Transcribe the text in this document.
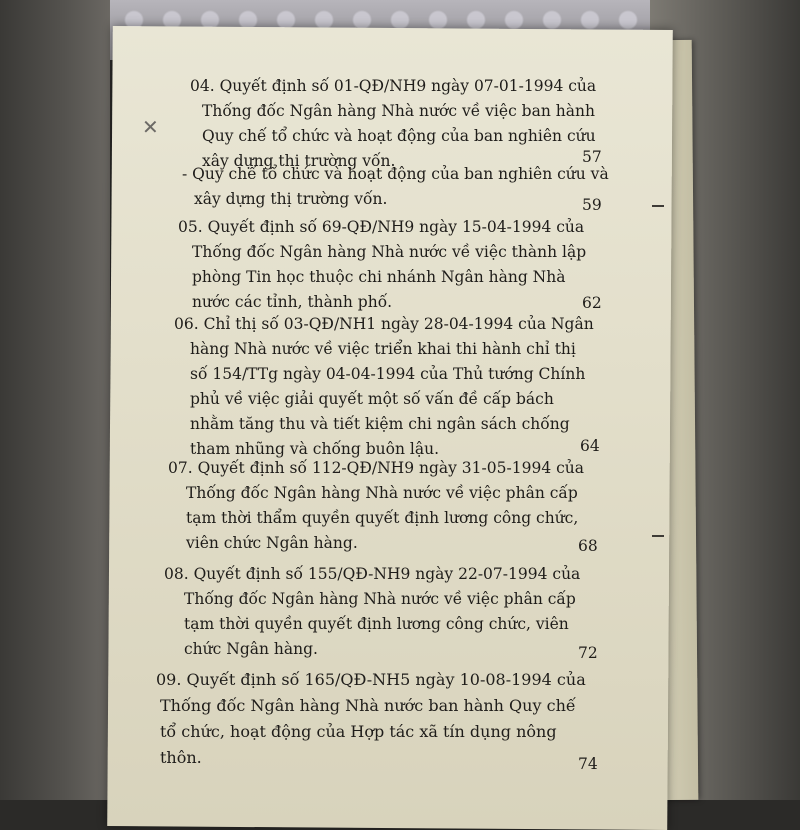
✕
04. Quyết định số 01-QĐ/NH9 ngày 07-01-1994 của
Thống đốc Ngân hàng Nhà nước về việc ban hành
Quy chế tổ chức và hoạt động của ban nghiên cứu
xây dựng thị trường vốn.	57
- Quy chế tổ chức và hoạt động của ban nghiên cứu và
xây dựng thị trường vốn.	59
05. Quyết định số 69-QĐ/NH9 ngày 15-04-1994 của
Thống đốc Ngân hàng Nhà nước về việc thành lập
phòng Tin học thuộc chi nhánh Ngân hàng Nhà
nước các tỉnh, thành phố.	62
06. Chỉ thị số 03-QĐ/NH1 ngày 28-04-1994 của Ngân
hàng Nhà nước về việc triển khai thi hành chỉ thị
số 154/TTg ngày 04-04-1994 của Thủ tướng Chính
phủ về việc giải quyết một số vấn đề cấp bách
nhằm tăng thu và tiết kiệm chi ngân sách chống
tham nhũng và chống buôn lậu.	64
07. Quyết định số 112-QĐ/NH9 ngày 31-05-1994 của
Thống đốc Ngân hàng Nhà nước về việc phân cấp
tạm thời thẩm quyền quyết định lương công chức,
viên chức Ngân hàng.	68
08. Quyết định số 155/QĐ-NH9 ngày 22-07-1994 của
Thống đốc Ngân hàng Nhà nước về việc phân cấp
tạm thời quyền quyết định lương công chức, viên
chức Ngân hàng.	72
09. Quyết định số 165/QĐ-NH5 ngày 10-08-1994 của
Thống đốc Ngân hàng Nhà nước ban hành Quy chế
tổ chức, hoạt động của Hợp tác xã tín dụng nông
thôn.	74
